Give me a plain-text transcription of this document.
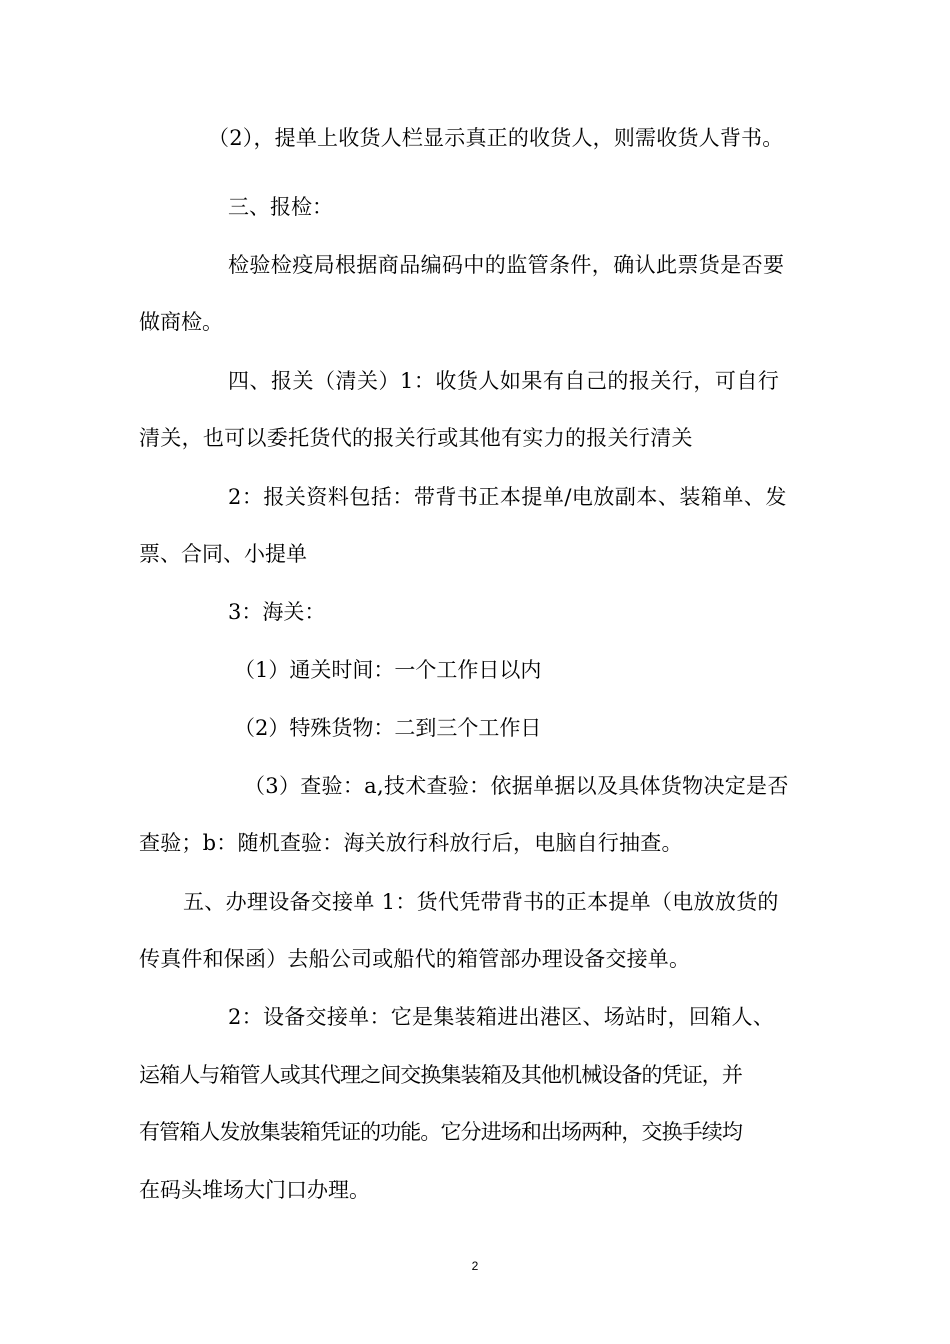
（2），提单上收货人栏显示真正的收货人，则需收货人背书。
三、报检：
检验检疫局根据商品编码中的监管条件，确认此票货是否要
做商检。
四、报关（清关）1：收货人如果有自己的报关行，可自行
清关，也可以委托货代的报关行或其他有实力的报关行清关
2：报关资料包括：带背书正本提单/电放副本、装箱单、发
票、合同、小提单
3：海关：
（1）通关时间：一个工作日以内
（2）特殊货物：二到三个工作日
（3）查验：a,技术查验：依据单据以及具体货物决定是否
查验；b：随机查验：海关放行科放行后，电脑自行抽查。
五、办理设备交接单 1：货代凭带背书的正本提单（电放放货的
传真件和保函）去船公司或船代的箱管部办理设备交接单。
2：设备交接单：它是集装箱进出港区、场站时，回箱人、
运箱人与箱管人或其代理之间交换集装箱及其他机械设备的凭证，并
有管箱人发放集装箱凭证的功能。它分进场和出场两种，交换手续均
在码头堆场大门口办理。
2
